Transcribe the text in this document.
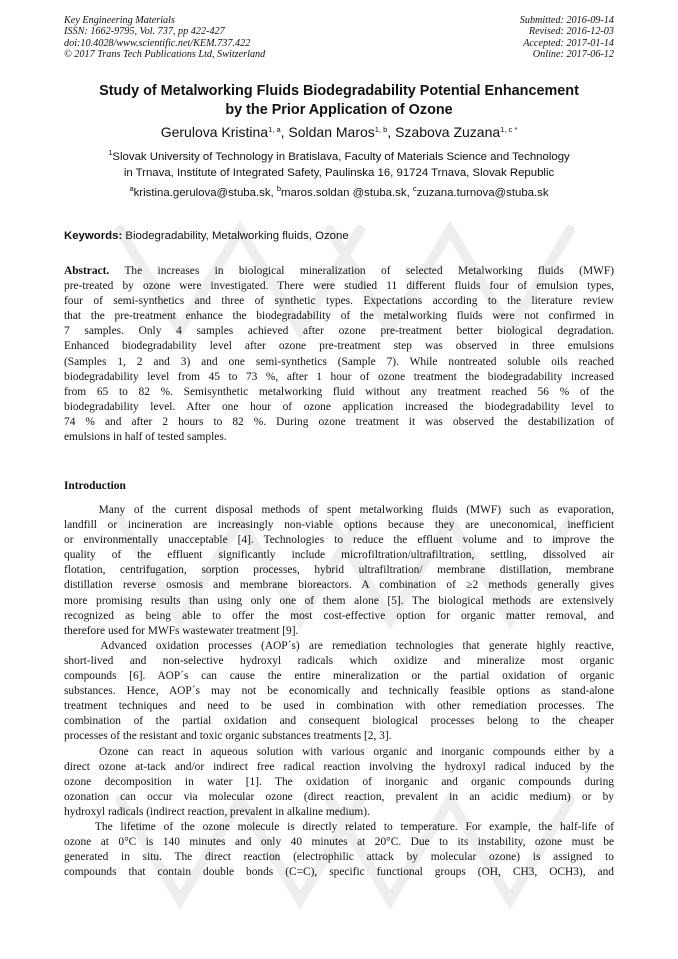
Key Engineering Materials
ISSN: 1662-9795, Vol. 737, pp 422-427
doi:10.4028/www.scientific.net/KEM.737.422
© 2017 Trans Tech Publications Ltd, Switzerland
Submitted: 2016-09-14
Revised: 2016-12-03
Accepted: 2017-01-14
Online: 2017-06-12
Study of Metalworking Fluids Biodegradability Potential Enhancement
by the Prior Application of Ozone
Gerulova Kristina$^{1, a}$, Soldan Maros$^{1, b}$, Szabova Zuzana$^{1, c *}$
$^1$Slovak University of Technology in Bratislava, Faculty of Materials Science and Technology
in Trnava, Institute of Integrated Safety, Paulinska 16, 91724 Trnava, Slovak Republic
$^a$kristina.gerulova@stuba.sk, $^b$maros.soldan @stuba.sk, $^c$zuzana.turnova@stuba.sk
Keywords: Biodegradability, Metalworking fluids, Ozone
Abstract. The increases in biological mineralization of selected Metalworking fluids (MWF)
pre-treated by ozone were investigated. There were studied 11 different fluids four of emulsion types,
four of semi-synthetics and three of synthetic types. Expectations according to the literature review
that the pre-treatment enhance the biodegradability of the metalworking fluids were not confirmed in
7 samples. Only 4 samples achieved after ozone pre-treatment better biological degradation.
Enhanced biodegradability level after ozone pre-treatment step was observed in three emulsions
(Samples 1, 2 and 3) and one semi-synthetics (Sample 7). While nontreated soluble oils reached
biodegradability level from 45 to 73 %, after 1 hour of ozone treatment the biodegradability increased
from 65 to 82 %. Semisynthetic metalworking fluid without any treatment reached 56 % of the
biodegradability level. After one hour of ozone application increased the biodegradability level to
74 % and after 2 hours to 82 %. During ozone treatment it was observed the destabilization of
emulsions in half of tested samples.
Introduction
Many of the current disposal methods of spent metalworking fluids (MWF) such as evaporation,
landfill or incineration are increasingly non-viable options because they are uneconomical, inefficient
or environmentally unacceptable [4]. Technologies to reduce the effluent volume and to improve the
quality of the effluent significantly include microfiltration/ultrafiltration, settling, dissolved air
flotation, centrifugation, sorption processes, hybrid ultrafiltration/ membrane distillation, membrane
distillation reverse osmosis and membrane bioreactors. A combination of ≥2 methods generally gives
more promising results than using only one of them alone [5]. The biological methods are extensively
recognized as being able to offer the most cost-effective option for organic matter removal, and
therefore used for MWFs wastewater treatment [9].
Advanced oxidation processes (AOP´s) are remediation technologies that generate highly reactive,
short-lived and non-selective hydroxyl radicals which oxidize and mineralize most organic
compounds [6]. AOP´s can cause the entire mineralization or the partial oxidation of organic
substances. Hence, AOP´s may not be economically and technically feasible options as stand-alone
treatment techniques and need to be used in combination with other remediation processes. The
combination of the partial oxidation and consequent biological processes belong to the cheaper
processes of the resistant and toxic organic substances treatments [2, 3].
Ozone can react in aqueous solution with various organic and inorganic compounds either by a
direct ozone at-tack and/or indirect free radical reaction involving the hydroxyl radical induced by the
ozone decomposition in water [1]. The oxidation of inorganic and organic compounds during
ozonation can occur via molecular ozone (direct reaction, prevalent in an acidic medium) or by
hydroxyl radicals (indirect reaction, prevalent in alkaline medium).
The lifetime of the ozone molecule is directly related to temperature. For example, the half-life of
ozone at 0°C is 140 minutes and only 40 minutes at 20°C. Due to its instability, ozone must be
generated in situ. The direct reaction (electrophilic attack by molecular ozone) is assigned to
compounds that contain double bonds (C=C), specific functional groups (OH, CH3, OCH3), and
